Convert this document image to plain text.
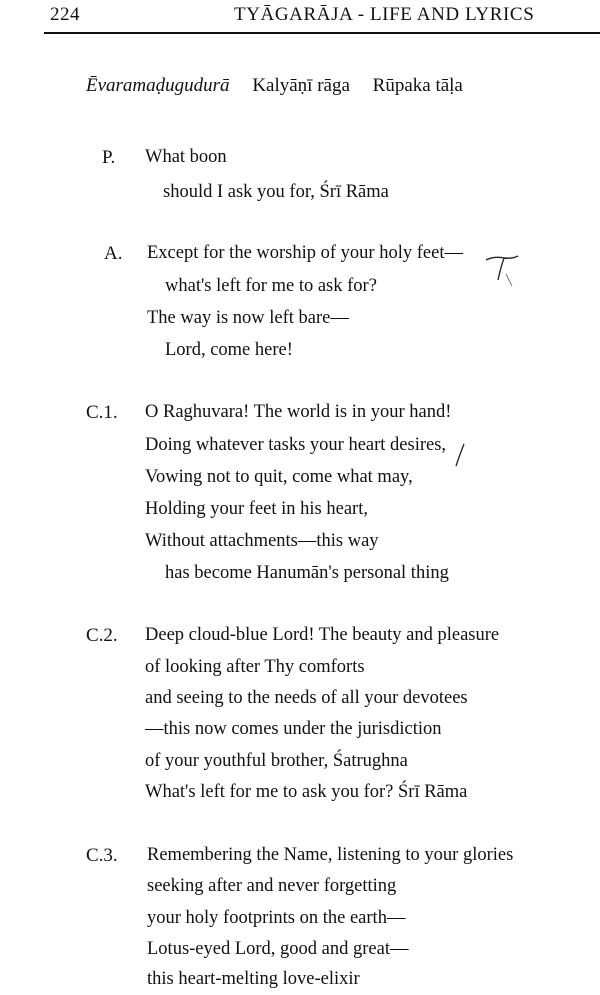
224	TYĀGARĀJA - LIFE AND LYRICS
Ēvaramaḍugudurā Kalyāṇī rāga Rūpaka tāḷa
P. What boon
should I ask you for, Śrī Rāma
A. Except for the worship of your holy feet—
what's left for me to ask for?
The way is now left bare—
Lord, come here!
C.1. O Raghuvara! The world is in your hand!
Doing whatever tasks your heart desires,
Vowing not to quit, come what may,
Holding your feet in his heart,
Without attachments—this way
has become Hanumān's personal thing
C.2. Deep cloud-blue Lord! The beauty and pleasure
of looking after Thy comforts
and seeing to the needs of all your devotees
—this now comes under the jurisdiction
of your youthful brother, Śatrughna
What's left for me to ask you for? Śrī Rāma
C.3. Remembering the Name, listening to your glories
seeking after and never forgetting
your holy footprints on the earth—
Lotus-eyed Lord, good and great—
this heart-melting love-elixir
